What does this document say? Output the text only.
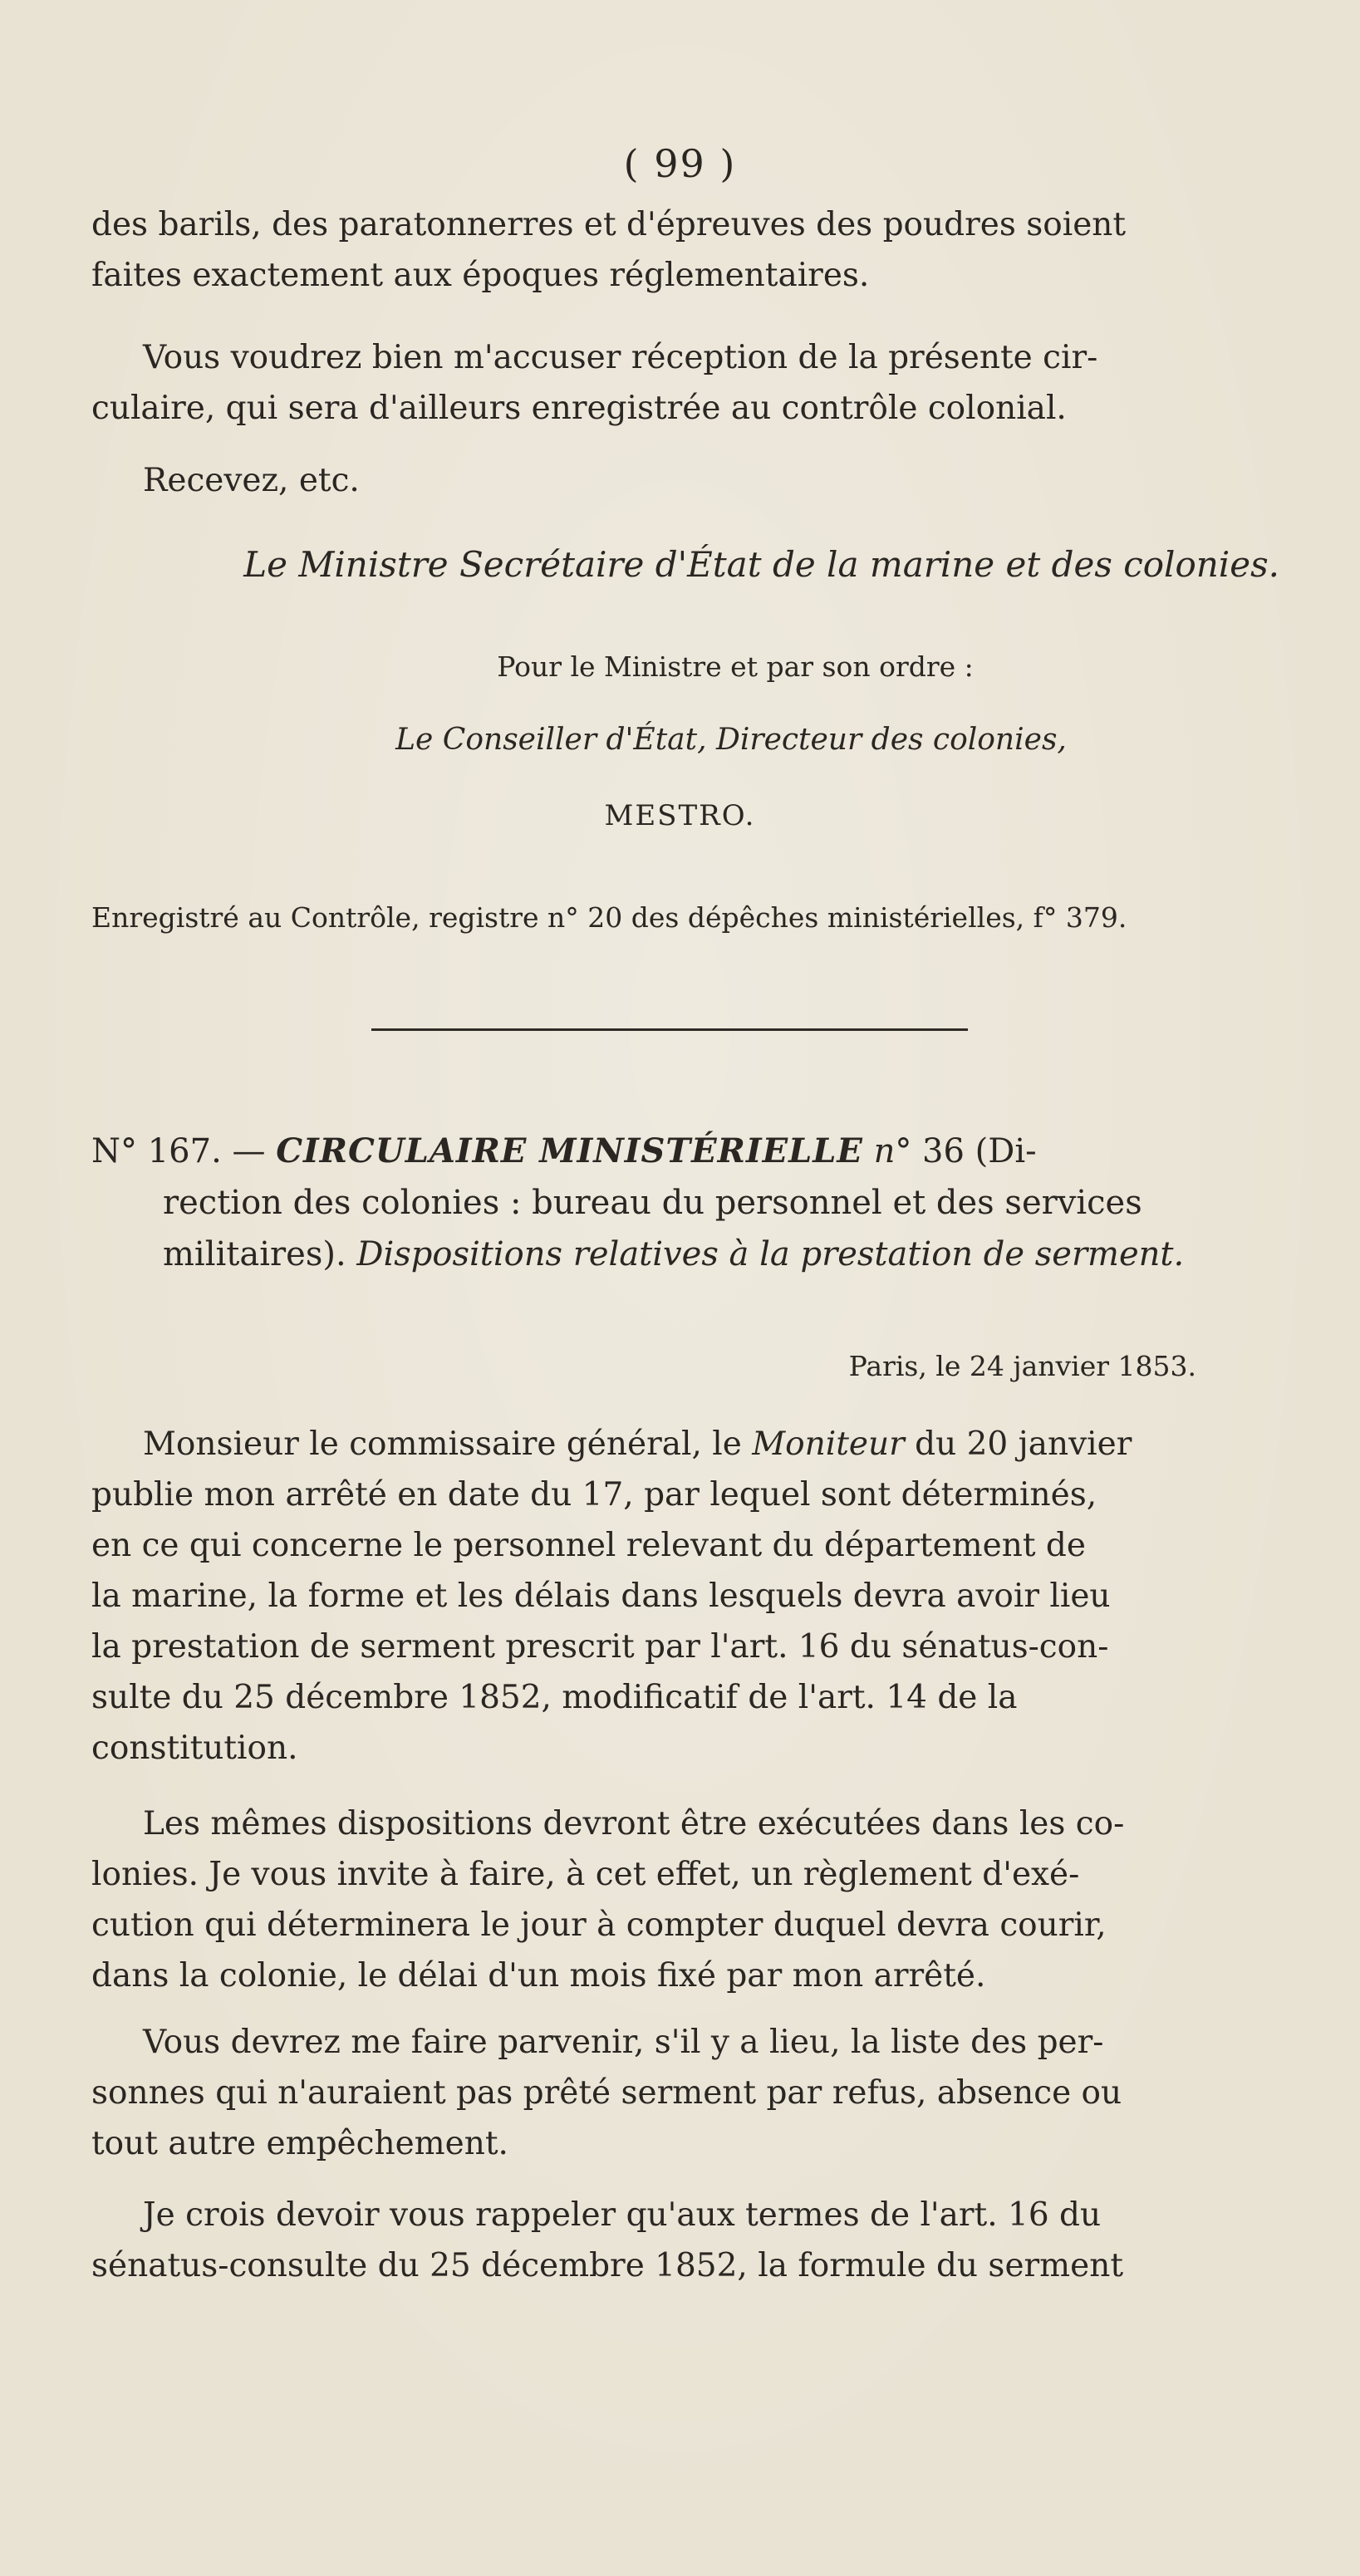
( 99 )
des barils, des paratonnerres et d'épreuves des poudres soient
faites exactement aux époques réglementaires.
Vous voudrez bien m'accuser réception de la présente cir-
culaire, qui sera d'ailleurs enregistrée au contrôle colonial.
Recevez, etc.
Le Ministre Secrétaire d'État de la marine et des colonies.
Pour le Ministre et par son ordre :
Le Conseiller d'État, Directeur des colonies,
MESTRO.
Enregistré au Contrôle, registre n° 20 des dépêches ministérielles, f° 379.
N° 167. — CIRCULAIRE MINISTÉRIELLE n° 36 (Di-
rection des colonies : bureau du personnel et des services
militaires). Dispositions relatives à la prestation de serment.
Paris, le 24 janvier 1853.
Monsieur le commissaire général, le Moniteur du 20 janvier
publie mon arrêté en date du 17, par lequel sont déterminés,
en ce qui concerne le personnel relevant du département de
la marine, la forme et les délais dans lesquels devra avoir lieu
la prestation de serment prescrit par l'art. 16 du sénatus-con-
sulte du 25 décembre 1852, modificatif de l'art. 14 de la
constitution.
Les mêmes dispositions devront être exécutées dans les co-
lonies. Je vous invite à faire, à cet effet, un règlement d'exé-
cution qui déterminera le jour à compter duquel devra courir,
dans la colonie, le délai d'un mois fixé par mon arrêté.
Vous devrez me faire parvenir, s'il y a lieu, la liste des per-
sonnes qui n'auraient pas prêté serment par refus, absence ou
tout autre empêchement.
Je crois devoir vous rappeler qu'aux termes de l'art. 16 du
sénatus-consulte du 25 décembre 1852, la formule du serment
